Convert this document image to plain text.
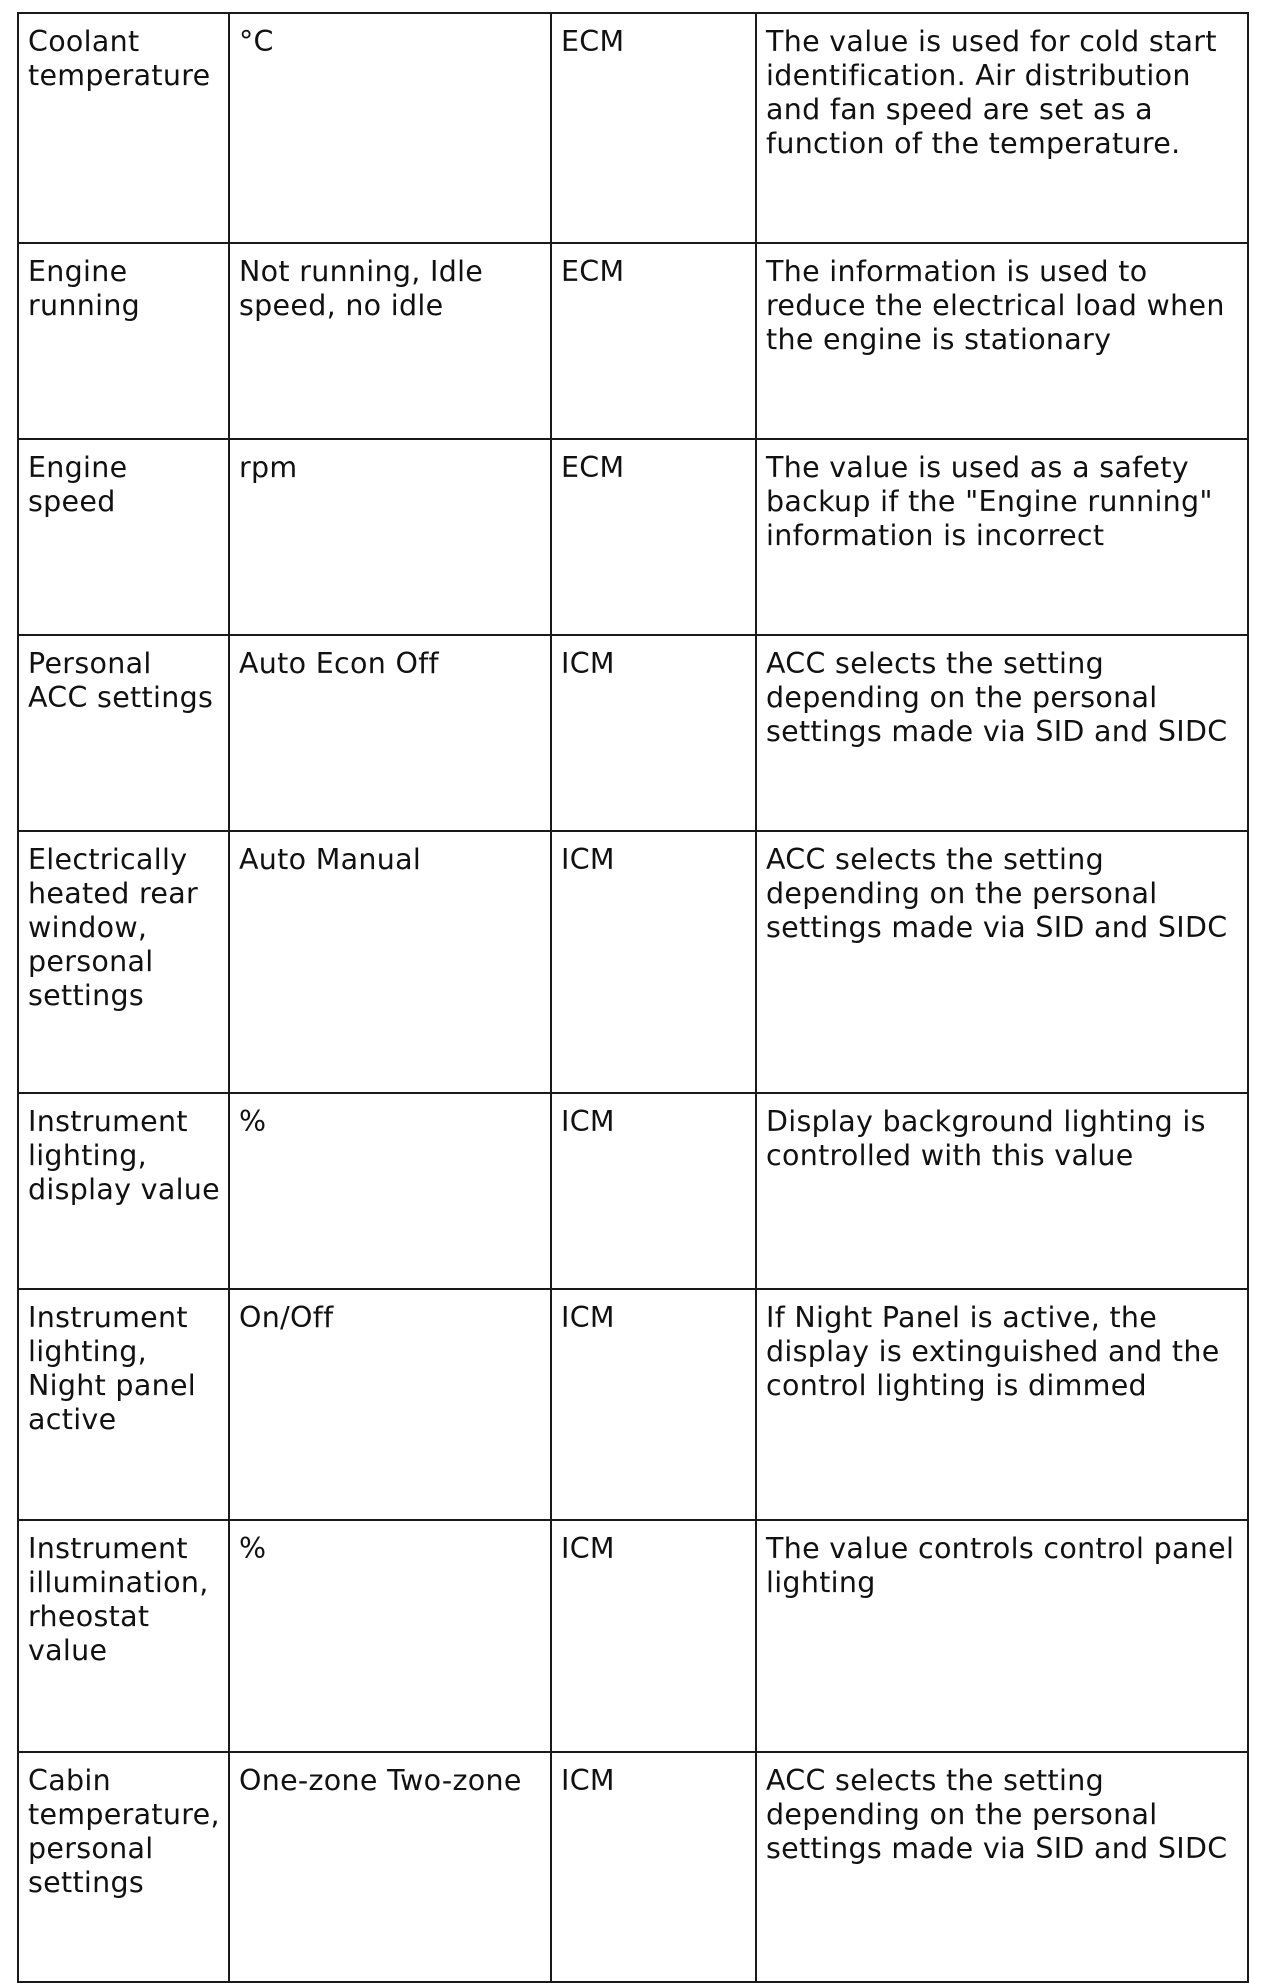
Coolant temperature	°C	ECM	The value is used for cold start identification. Air distribution and fan speed are set as a function of the temperature.
Engine running	Not running, Idle speed, no idle	ECM	The information is used to reduce the electrical load when the engine is stationary
Engine speed	rpm	ECM	The value is used as a safety backup if the "Engine running" information is incorrect
Personal ACC settings	Auto Econ Off	ICM	ACC selects the setting depending on the personal settings made via SID and SIDC
Electrically heated rear window, personal settings	Auto Manual	ICM	ACC selects the setting depending on the personal settings made via SID and SIDC
Instrument lighting, display value	%	ICM	Display background lighting is controlled with this value
Instrument lighting, Night panel active	On/Off	ICM	If Night Panel is active, the display is extinguished and the control lighting is dimmed
Instrument illumination, rheostat value	%	ICM	The value controls control panel lighting
Cabin temperature, personal settings	One-zone Two-zone	ICM	ACC selects the setting depending on the personal settings made via SID and SIDC
